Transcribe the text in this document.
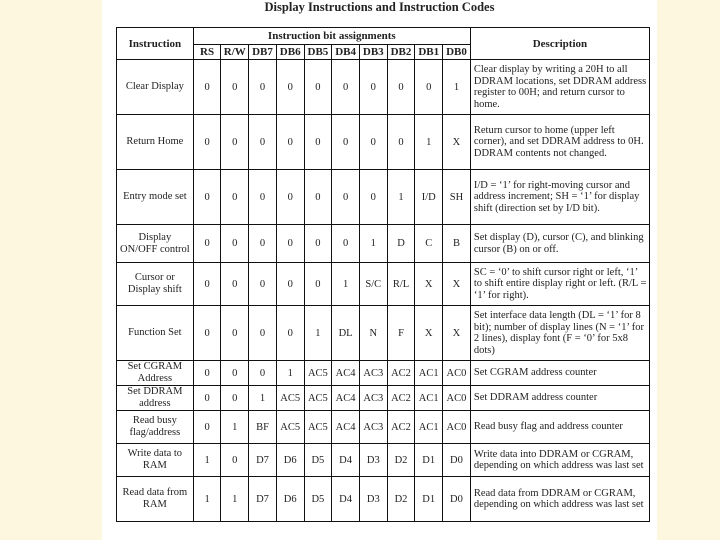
Display Instructions and Instruction Codes
Instruction	Instruction bit assignments										Description
	RS	R/W	DB7	DB6	DB5	DB4	DB3	DB2	DB1	DB0	
Clear Display	0	0	0	0	0	0	0	0	0	1	Clear display by writing a 20H to all DDRAM locations, set DDRAM address register to 00H; and return cursor to home.
Return Home	0	0	0	0	0	0	0	0	1	X	Return cursor to home (upper left corner), and set DDRAM address to 0H. DDRAM contents not changed.
Entry mode set	0	0	0	0	0	0	0	1	I/D	SH	I/D = ‘1’ for right-moving cursor and address increment; SH = ‘1’ for display shift (direction set by I/D bit).
Display ON/OFF control	0	0	0	0	0	0	1	D	C	B	Set display (D), cursor (C), and blinking cursor (B) on or off.
Cursor or Display shift	0	0	0	0	0	1	S/C	R/L	X	X	SC = ‘0’ to shift cursor right or left, ‘1’ to shift entire display right or left. (R/L = ‘1’ for right).
Function Set	0	0	0	0	1	DL	N	F	X	X	Set interface data length (DL = ‘1’ for 8 bit); number of display lines (N = ‘1’ for 2 lines), display font (F = ‘0’ for 5x8 dots)
Set CGRAM Address	0	0	0	1	AC5	AC4	AC3	AC2	AC1	AC0	Set CGRAM address counter
Set DDRAM address	0	0	1	AC5	AC5	AC4	AC3	AC2	AC1	AC0	Set DDRAM address counter
Read busy flag/address	0	1	BF	AC5	AC5	AC4	AC3	AC2	AC1	AC0	Read busy flag and address counter
Write data to RAM	1	0	D7	D6	D5	D4	D3	D2	D1	D0	Write data into DDRAM or CGRAM, depending on which address was last set
Read data from RAM	1	1	D7	D6	D5	D4	D3	D2	D1	D0	Read data from DDRAM or CGRAM, depending on which address was last set
